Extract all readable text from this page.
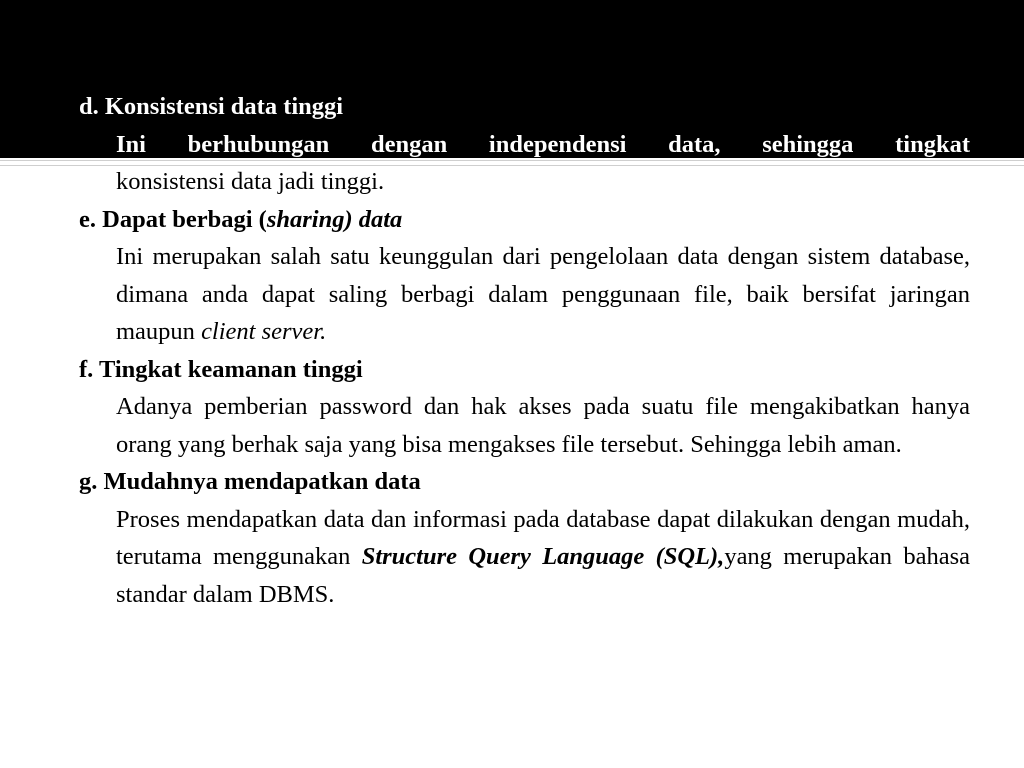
d. Konsistensi data tinggi

Ini berhubungan dengan independensi data, sehingga tingkat
konsistensi data jadi tinggi.

e. Dapat berbagi (sharing) data

Ini merupakan salah satu keunggulan dari pengelolaan data dengan sistem database, dimana anda dapat saling berbagi dalam penggunaan file, baik bersifat jaringan maupun client server.

f. Tingkat keamanan tinggi

Adanya pemberian password dan hak akses pada suatu file mengakibatkan hanya orang yang berhak saja yang bisa mengakses file tersebut. Sehingga lebih aman.

g. Mudahnya mendapatkan data

Proses mendapatkan data dan informasi pada database dapat dilakukan dengan mudah, terutama menggunakan Structure Query Language (SQL),yang merupakan bahasa standar dalam DBMS.
